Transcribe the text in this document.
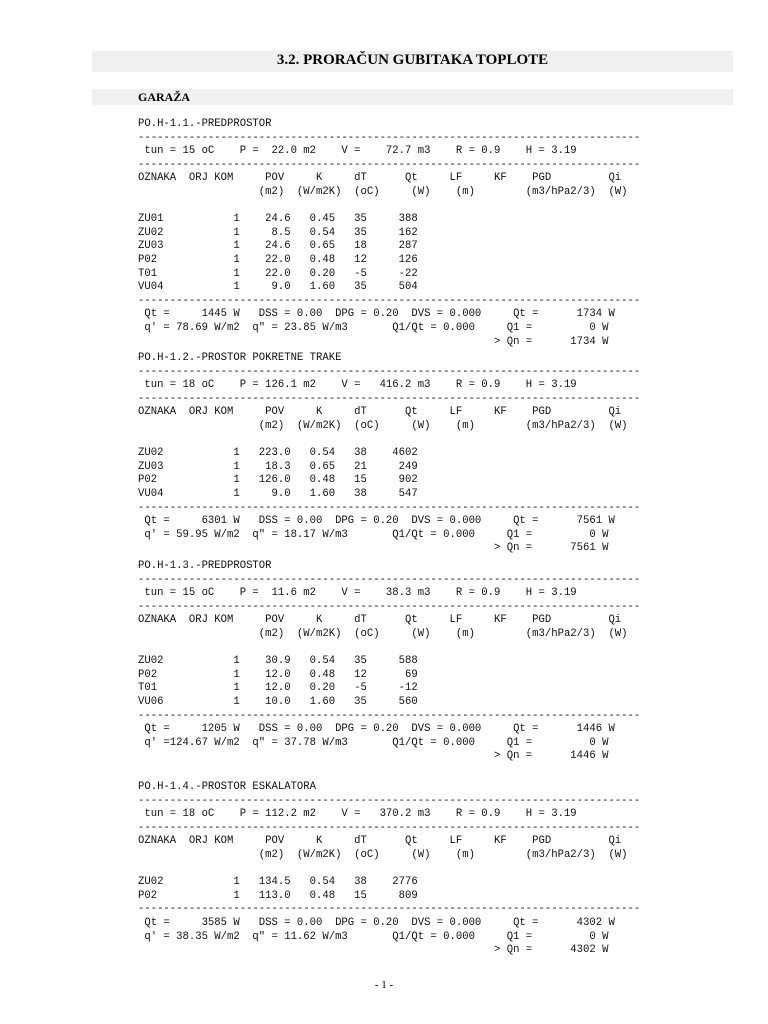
3.2. PRORAČUN GUBITAKA TOPLOTE
GARAŽA
PO.H-1.1.-PREDPROSTOR
-------------------------------------------------------------------------------
tun = 15 oC    P =  22.0 m2    V =    72.7 m3    R = 0.9    H = 3.19
-------------------------------------------------------------------------------
OZNAKA  ORJ KOM     POV     K     dT      Qt     LF     KF    PGD         Qi
(m2)  (W/m2K)  (oC)     (W)    (m)        (m3/hPa2/3)  (W)

ZU01           1    24.6   0.45   35     388
ZU02           1     8.5   0.54   35     162
ZU03           1    24.6   0.65   18     287
P02            1    22.0   0.48   12     126
T01            1    22.0   0.20   -5     -22
VU04           1     9.0   1.60   35     504
-------------------------------------------------------------------------------
Qt =     1445 W   DSS = 0.00  DPG = 0.20  DVS = 0.000     Qt =      1734 W
q' = 78.69 W/m2  q" = 23.85 W/m3       Q1/Qt = 0.000     Q1 =         0 W
> Qn =      1734 W
PO.H-1.2.-PROSTOR POKRETNE TRAKE
-------------------------------------------------------------------------------
tun = 18 oC    P = 126.1 m2    V =   416.2 m3    R = 0.9    H = 3.19
-------------------------------------------------------------------------------
OZNAKA  ORJ KOM     POV     K     dT      Qt     LF     KF    PGD         Qi
(m2)  (W/m2K)  (oC)     (W)    (m)        (m3/hPa2/3)  (W)

ZU02           1   223.0   0.54   38    4602
ZU03           1    18.3   0.65   21     249
P02            1   126.0   0.48   15     902
VU04           1     9.0   1.60   38     547
-------------------------------------------------------------------------------
Qt =     6301 W   DSS = 0.00  DPG = 0.20  DVS = 0.000     Qt =      7561 W
q' = 59.95 W/m2  q" = 18.17 W/m3       Q1/Qt = 0.000     Q1 =         0 W
> Qn =      7561 W
PO.H-1.3.-PREDPROSTOR
-------------------------------------------------------------------------------
tun = 15 oC    P =  11.6 m2    V =    38.3 m3    R = 0.9    H = 3.19
-------------------------------------------------------------------------------
OZNAKA  ORJ KOM     POV     K     dT      Qt     LF     KF    PGD         Qi
(m2)  (W/m2K)  (oC)     (W)    (m)        (m3/hPa2/3)  (W)

ZU02           1    30.9   0.54   35     588
P02            1    12.0   0.48   12      69
T01            1    12.0   0.20   -5     -12
VU06           1    10.0   1.60   35     560
-------------------------------------------------------------------------------
Qt =     1205 W   DSS = 0.00  DPG = 0.20  DVS = 0.000     Qt =      1446 W
q' =124.67 W/m2  q" = 37.78 W/m3       Q1/Qt = 0.000     Q1 =         0 W
> Qn =      1446 W
PO.H-1.4.-PROSTOR ESKALATORA
-------------------------------------------------------------------------------
tun = 18 oC    P = 112.2 m2    V =   370.2 m3    R = 0.9    H = 3.19
-------------------------------------------------------------------------------
OZNAKA  ORJ KOM     POV     K     dT      Qt     LF     KF    PGD         Qi
(m2)  (W/m2K)  (oC)     (W)    (m)        (m3/hPa2/3)  (W)

ZU02           1   134.5   0.54   38    2776
P02            1   113.0   0.48   15     809
-------------------------------------------------------------------------------
Qt =     3585 W   DSS = 0.00  DPG = 0.20  DVS = 0.000     Qt =      4302 W
q' = 38.35 W/m2  q" = 11.62 W/m3       Q1/Qt = 0.000     Q1 =         0 W
> Qn =      4302 W
- 1 -
